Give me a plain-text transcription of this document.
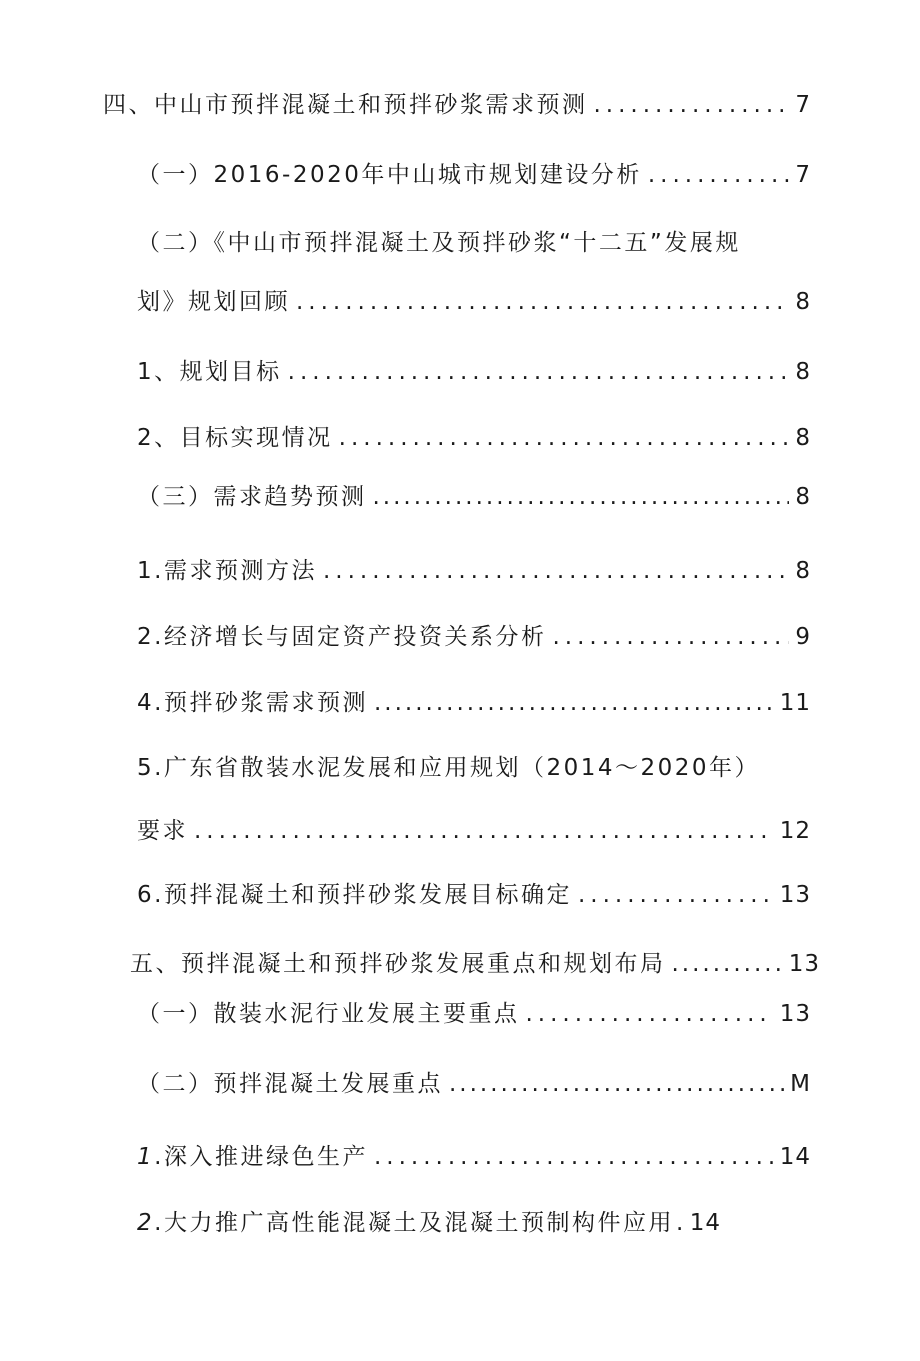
四、中山市预拌混凝土和预拌砂浆需求预测 .....	7
（一）2016-2020年中山城市规划建设分析 .....	7
（二）《中山市预拌混凝土及预拌砂浆“十二五”发展规
划》规划回顾 .....	8
1、规划目标 .....	8
2、目标实现情况 .....	8
（三）需求趋势预测 .....	8
1.需求预测方法 .....	8
2.经济增长与固定资产投资关系分析 .....	9
4.预拌砂浆需求预测 .....	11
5.广东省散装水泥发展和应用规划（2014～2020年）
要求 .....	12
6.预拌混凝土和预拌砂浆发展目标确定 .....	13
五、预拌混凝土和预拌砂浆发展重点和规划布局 .....	13
（一）散装水泥行业发展主要重点 .....	13
（二）预拌混凝土发展重点 .....	M
1.深入推进绿色生产 .....	14
2.大力推广高性能混凝土及混凝土预制构件应用 ..... 14
